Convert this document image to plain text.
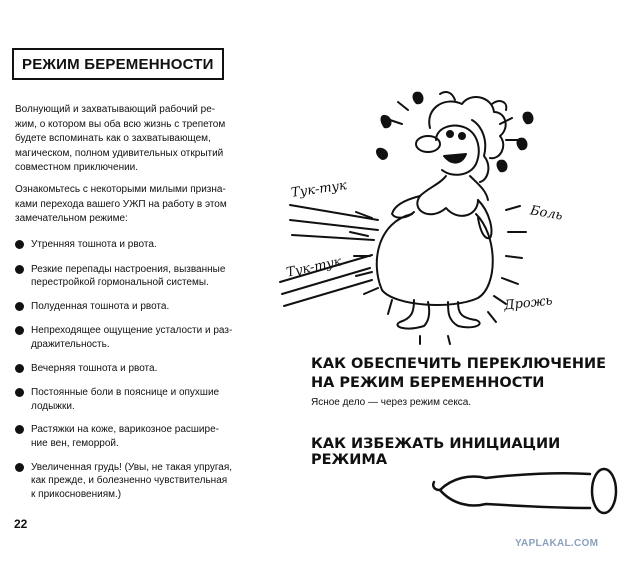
РЕЖИМ БЕРЕМЕННОСТИ

Волнующий и захватывающий рабочий ре-
жим, о котором вы оба всю жизнь с трепетом
будете вспоминать как о захватывающем,
магическом, полном удивительных открытий
совместном приключении.

Ознакомьтесь с некоторыми милыми призна-
ками перехода вашего УЖП на работу в этом
замечательном режиме:

Утренняя тошнота и рвота.
Резкие перепады настроения, вызванные
перестройкой гормональной системы.
Полуденная тошнота и рвота.
Непреходящее ощущение усталости и раз-
дражительность.
Вечерняя тошнота и рвота.
Постоянные боли в пояснице и опухшие
лодыжки.
Растяжки на коже, варикозное расшире-
ние вен, геморрой.
Увеличенная грудь! (Увы, не такая упругая,
как прежде, и болезненно чувствительная
к прикосновениям.)
22
Тук-тук
Тук-тук
Боль
Дрожь
КАК ОБЕСПЕЧИТЬ ПЕРЕКЛЮЧЕНИЕ
НА РЕЖИМ БЕРЕМЕННОСТИ
Ясное дело — через режим секса.
КАК ИЗБЕЖАТЬ ИНИЦИАЦИИ РЕЖИМА
YAPLAKAL.COM
